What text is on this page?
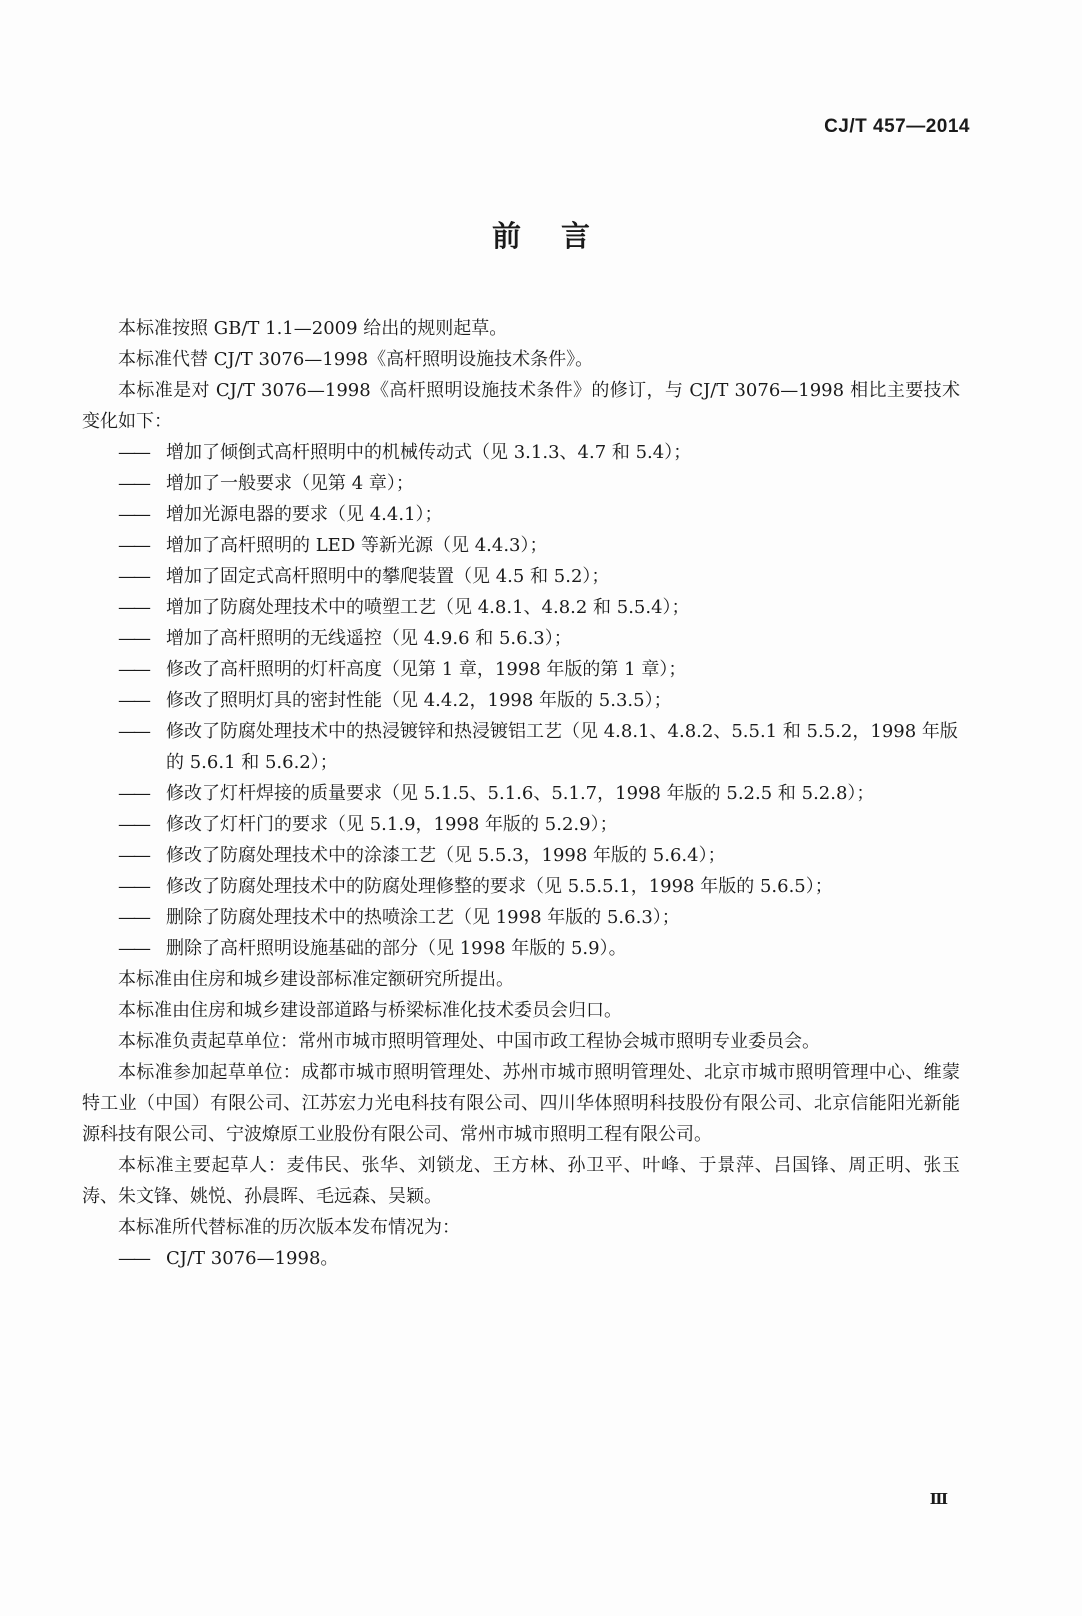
CJ/T 457—2014
前言

本标准按照 GB/T 1.1—2009 给出的规则起草。

本标准代替 CJ/T 3076—1998《高杆照明设施技术条件》。

本标准是对 CJ/T 3076—1998《高杆照明设施技术条件》的修订，与 CJ/T 3076—1998 相比主要技术变化如下：

—— 增加了倾倒式高杆照明中的机械传动式（见 3.1.3、4.7 和 5.4）；

—— 增加了一般要求（见第 4 章）；

—— 增加光源电器的要求（见 4.4.1）；

—— 增加了高杆照明的 LED 等新光源（见 4.4.3）；

—— 增加了固定式高杆照明中的攀爬装置（见 4.5 和 5.2）；

—— 增加了防腐处理技术中的喷塑工艺（见 4.8.1、4.8.2 和 5.5.4）；

—— 增加了高杆照明的无线遥控（见 4.9.6 和 5.6.3）；

—— 修改了高杆照明的灯杆高度（见第 1 章，1998 年版的第 1 章）；

—— 修改了照明灯具的密封性能（见 4.4.2，1998 年版的 5.3.5）；

—— 修改了防腐处理技术中的热浸镀锌和热浸镀铝工艺（见 4.8.1、4.8.2、5.5.1 和 5.5.2，1998 年版
的 5.6.1 和 5.6.2）；

—— 修改了灯杆焊接的质量要求（见 5.1.5、5.1.6、5.1.7，1998 年版的 5.2.5 和 5.2.8）；

—— 修改了灯杆门的要求（见 5.1.9，1998 年版的 5.2.9）；

—— 修改了防腐处理技术中的涂漆工艺（见 5.5.3，1998 年版的 5.6.4）；

—— 修改了防腐处理技术中的防腐处理修整的要求（见 5.5.5.1，1998 年版的 5.6.5）；

—— 删除了防腐处理技术中的热喷涂工艺（见 1998 年版的 5.6.3）；

—— 删除了高杆照明设施基础的部分（见 1998 年版的 5.9）。

本标准由住房和城乡建设部标准定额研究所提出。

本标准由住房和城乡建设部道路与桥梁标准化技术委员会归口。

本标准负责起草单位：常州市城市照明管理处、中国市政工程协会城市照明专业委员会。

本标准参加起草单位：成都市城市照明管理处、苏州市城市照明管理处、北京市城市照明管理中心、维蒙特工业（中国）有限公司、江苏宏力光电科技有限公司、四川华体照明科技股份有限公司、北京信能阳光新能源科技有限公司、宁波燎原工业股份有限公司、常州市城市照明工程有限公司。

本标准主要起草人：麦伟民、张华、刘锁龙、王方林、孙卫平、叶峰、于景萍、吕国锋、周正明、张玉涛、朱文锋、姚悦、孙晨晖、毛远森、吴颖。

本标准所代替标准的历次版本发布情况为：

—— CJ/T 3076—1998。

Ⅲ
